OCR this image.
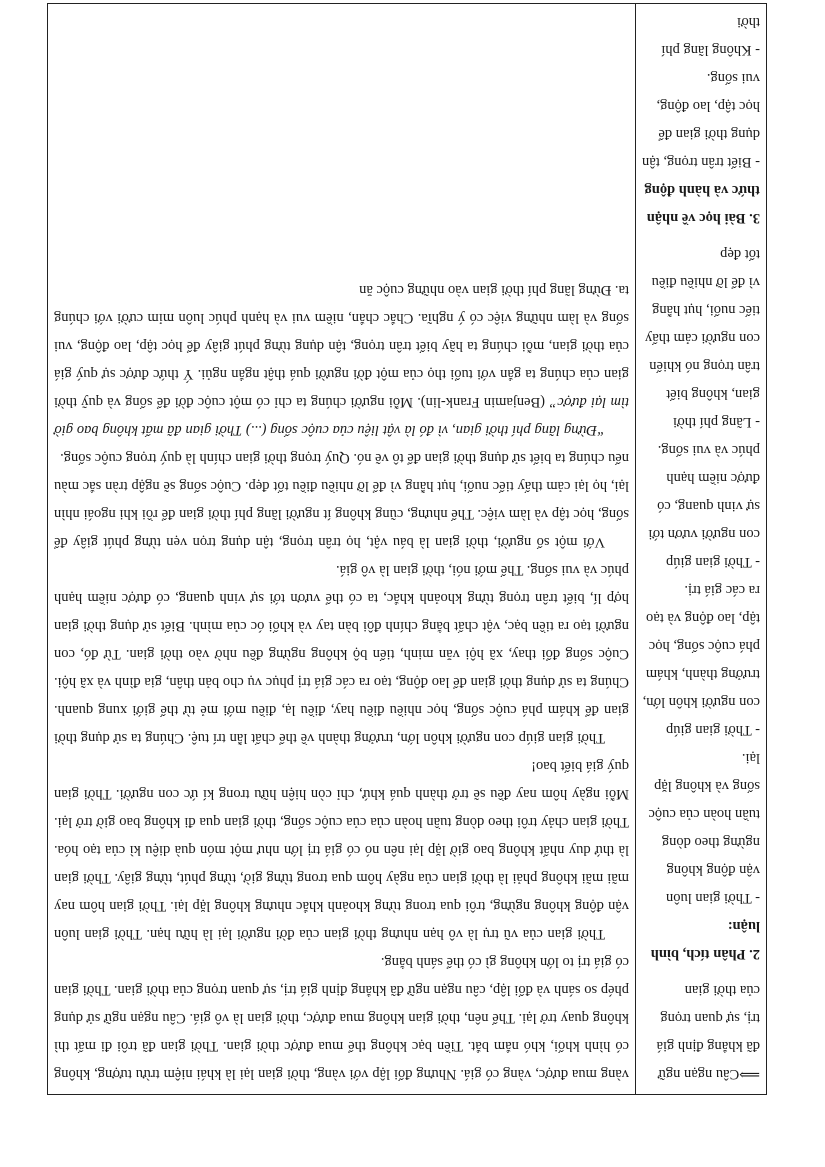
⟹Câu ngạn ngữ đã khẳng định giá trị, sự quan trọng của thời gian

2. Phân tích, bình luận:

- Thời gian luôn vận động không ngừng theo dòng tuần hoàn của cuộc sống và không lặp lại.

- Thời gian giúp con người khôn lớn, trưởng thành, khám phá cuộc sống, học tập, lao động và tạo ra các giá trị.

- Thời gian giúp con người vươn tới sự vinh quang, có được niềm hạnh phúc và vui sống.

- Lãng phí thời gian, không biết trân trọng nó khiến con người cảm thấy tiếc nuối, hụt hẫng vì để lỡ nhiều điều tốt đẹp

3. Bài học về nhận thức và hành động

- Biết trân trọng, tận dụng thời gian để học tập, lao động, vui sống.

- Không lãng phí thời

vàng mua được, vàng có giá. Nhưng đối lập với vàng, thời gian lại là khái niệm trừu tượng, không có hình khối, khó nắm bắt. Tiền bạc không thể mua được thời gian. Thời gian đã trôi đi mất thì không quay trở lại. Thế nên, thời gian không mua được, thời gian là vô giá. Câu ngạn ngữ sử dụng phép so sánh và đối lập, câu ngạn ngữ đã khẳng định giá trị, sự quan trọng của thời gian. Thời gian có giá trị to lớn không gì có thể sánh bằng.

Thời gian của vũ trụ là vô hạn nhưng thời gian của đời người lại là hữu hạn. Thời gian luôn vận động không ngừng, trôi qua trong từng khoảnh khắc nhưng không lặp lại. Thời gian hôm nay mãi mãi không phải là thời gian của ngày hôm qua trong từng giờ, từng phút, từng giây. Thời gian là thứ duy nhất không bao giờ lặp lại nên nó có giá trị lớn như một món quà diệu kì của tạo hóa. Thời gian chảy trôi theo dòng tuần hoàn của của cuộc sống, thời gian qua đi không bao giờ trở lại. Mỗi ngày hôm nay đều sẽ trở thành quá khứ, chỉ còn hiện hữu trong kí ức con người. Thời gian quý giá biết bao!

Thời gian giúp con người khôn lớn, trưởng thành về thể chất lẫn trí tuệ. Chúng ta sử dụng thời gian để khám phá cuộc sống, học nhiều điều hay, điều lạ, điều mới mẻ từ thế giới xung quanh. Chúng ta sử dụng thời gian để lao động, tạo ra các giá trị phục vụ cho bản thân, gia đình và xã hội. Cuộc sống đổi thay, xã hội văn minh, tiến bộ không ngừng đều nhờ vào thời gian. Từ đó, con người tạo ra tiền bạc, vật chất bằng chính đôi bàn tay và khối óc của mình. Biết sử dụng thời gian hợp lí, biết trân trọng từng khoảnh khắc, ta có thể vươn tới sự vinh quang, có được niềm hạnh phúc và vui sống. Thế mới nói, thời gian là vô giá.

Với một số người, thời gian là báu vật, họ trân trọng, tận dụng trọn vẹn từng phút giây để sống, học tập và làm việc. Thế nhưng, cũng không ít người lãng phí thời gian để rồi khi ngoái nhìn lại, họ lại cảm thấy tiếc nuối, hụt hẫng vì để lỡ nhiều điều tốt đẹp. Cuộc sống sẽ ngập tràn sắc màu nếu chúng ta biết sử dụng thời gian để tô vẽ nó. Quý trọng thời gian chính là quý trọng cuộc sống.

“Đừng lãng phí thời gian, vì đó là vật liệu của cuộc sống (...) Thời gian đã mất không bao giờ tìm lại được” (Benjamin Frank-lin). Mỗi người chúng ta chỉ có một cuộc đời để sống và quỹ thời gian của chúng ta gắn với tuổi thọ của một đời người quá thật ngắn ngủi. Ý thức được sự quý giá của thời gian, mỗi chúng ta hãy biết trân trọng, tận dụng từng phút giây để học tập, lao động, vui sống và làm những việc có ý nghĩa. Chắc chắn, niềm vui và hạnh phúc luôn mỉm cười với chúng ta. Đừng lãng phí thời gian vào những cuộc ăn
